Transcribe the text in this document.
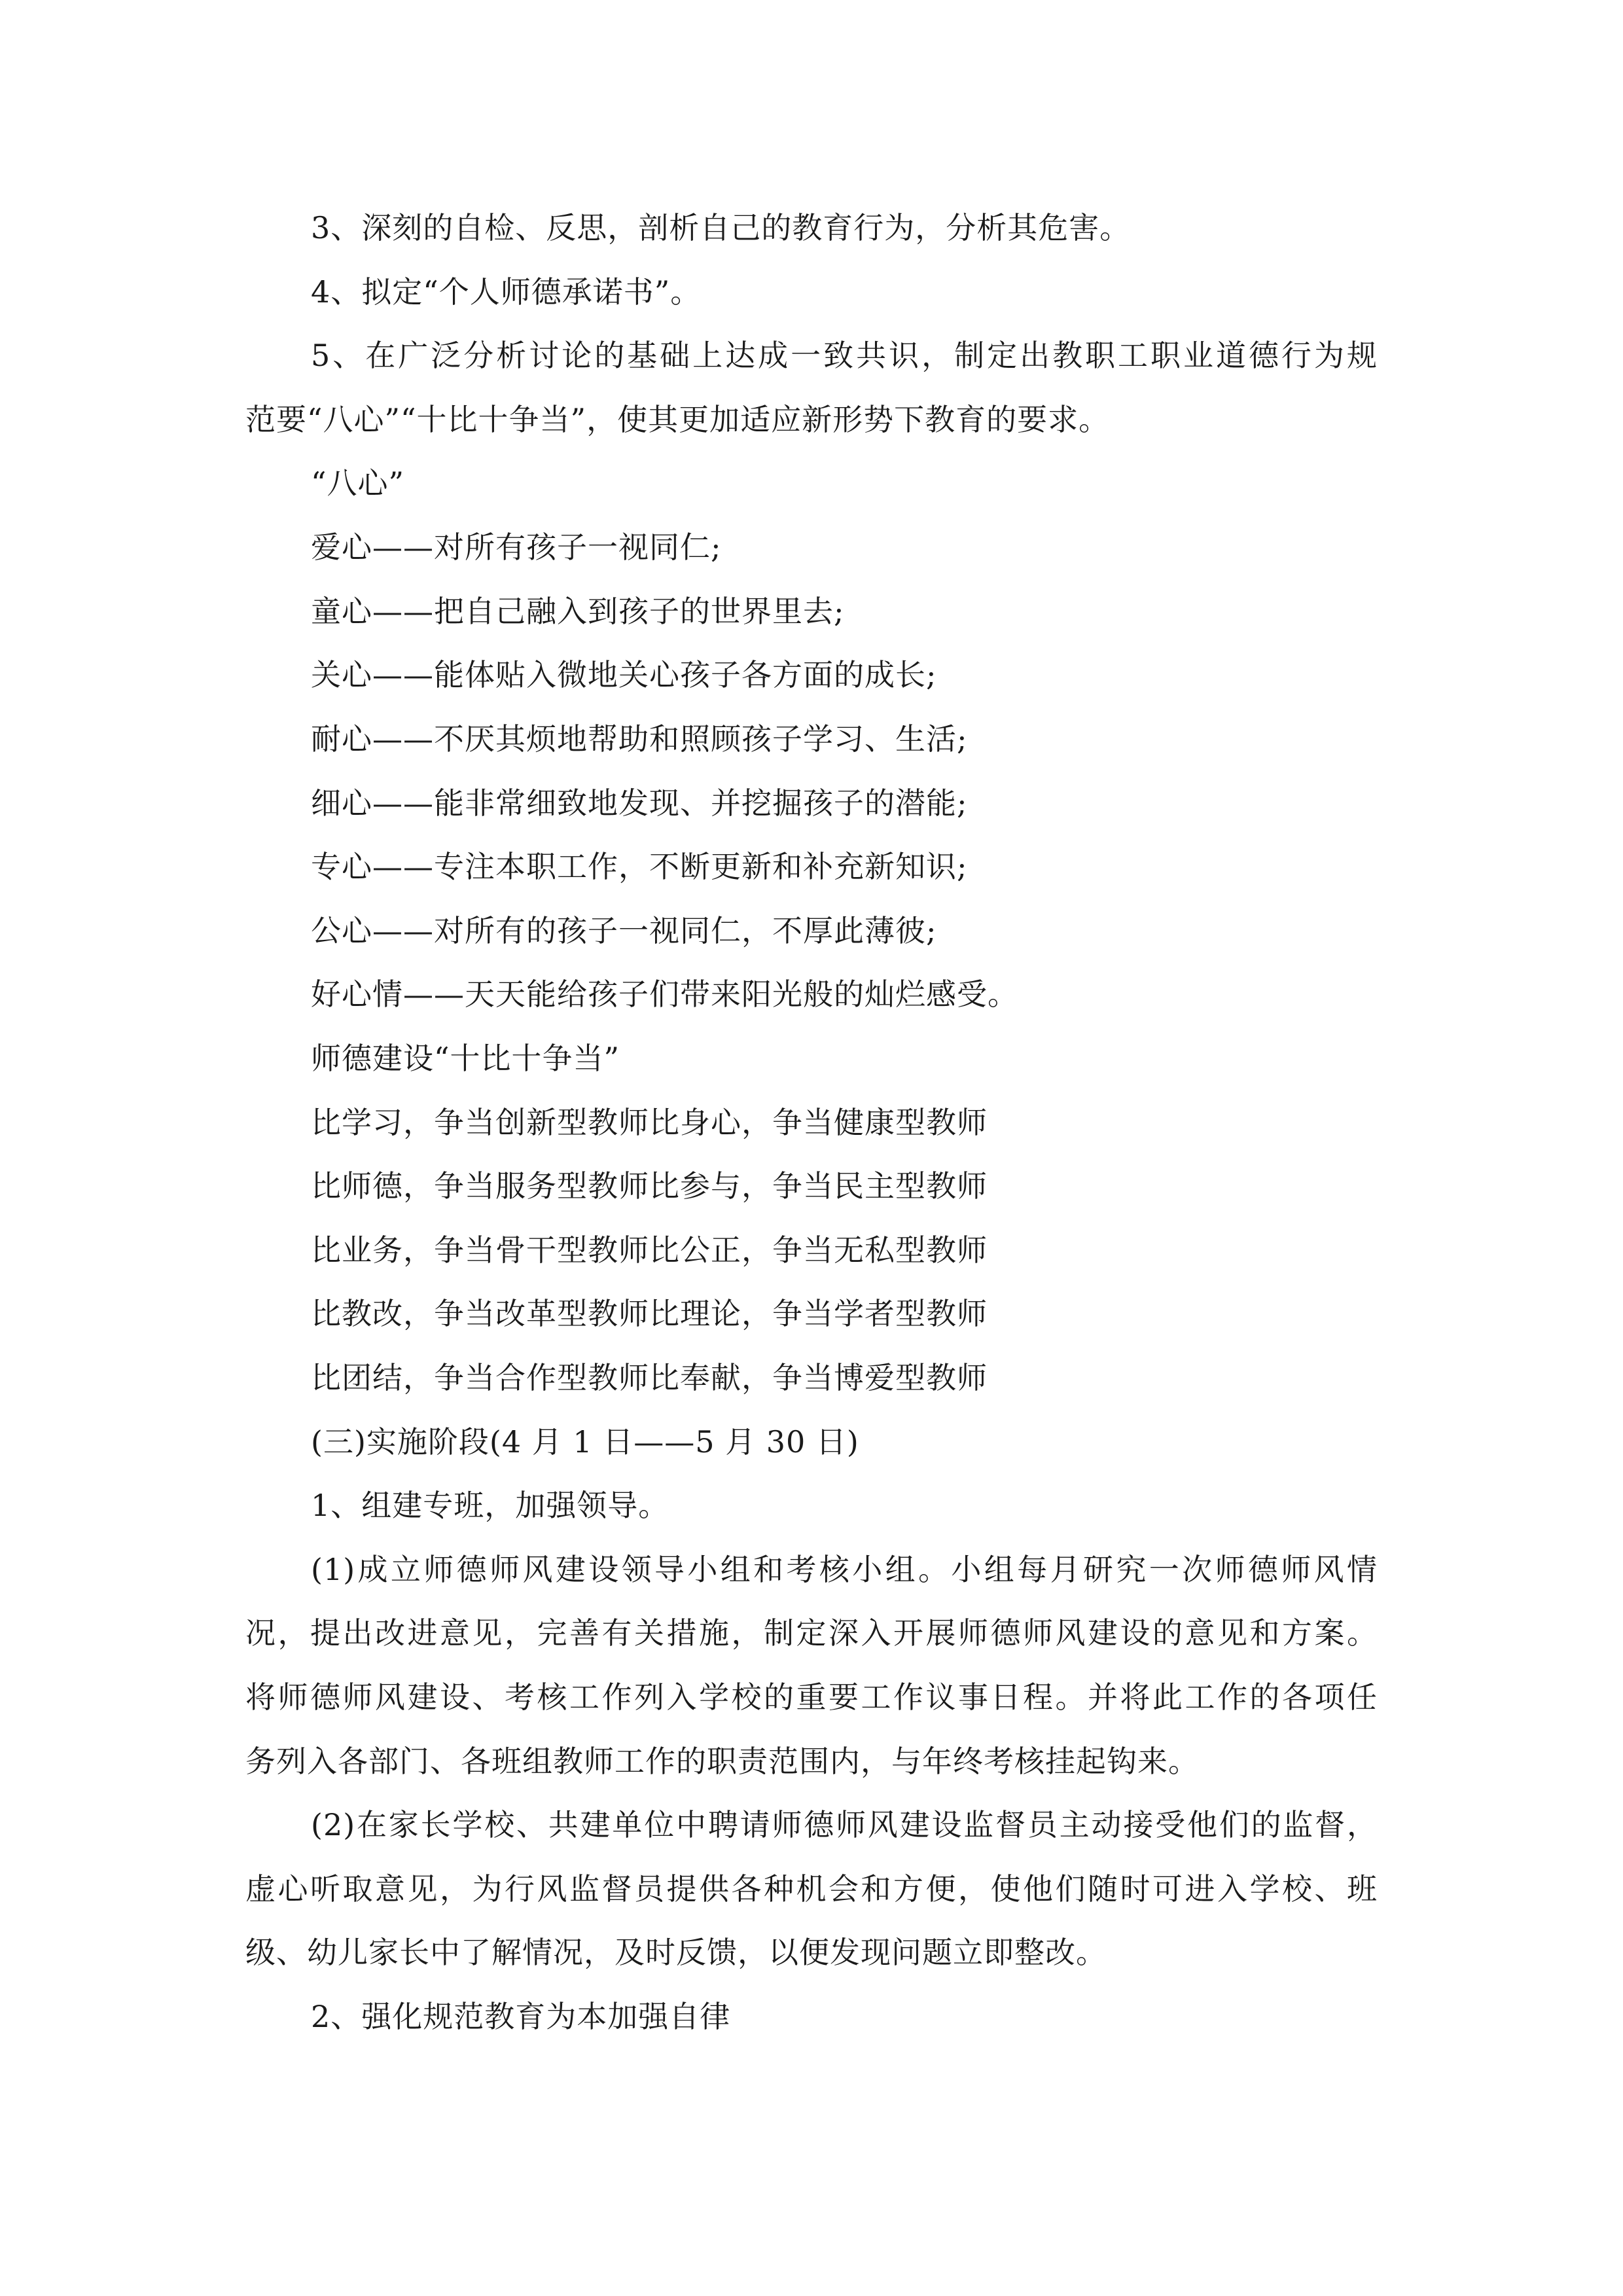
3、深刻的自检、反思，剖析自己的教育行为，分析其危害。
4、拟定“个人师德承诺书”。
5、在广泛分析讨论的基础上达成一致共识，制定出教职工职业道德行为规
范要“八心”“十比十争当”，使其更加适应新形势下教育的要求。
“八心”
爱心——对所有孩子一视同仁;
童心——把自己融入到孩子的世界里去;
关心——能体贴入微地关心孩子各方面的成长;
耐心——不厌其烦地帮助和照顾孩子学习、生活;
细心——能非常细致地发现、并挖掘孩子的潜能;
专心——专注本职工作，不断更新和补充新知识;
公心——对所有的孩子一视同仁，不厚此薄彼;
好心情——天天能给孩子们带来阳光般的灿烂感受。
师德建设“十比十争当”
比学习，争当创新型教师比身心，争当健康型教师
比师德，争当服务型教师比参与，争当民主型教师
比业务，争当骨干型教师比公正，争当无私型教师
比教改，争当改革型教师比理论，争当学者型教师
比团结，争当合作型教师比奉献，争当博爱型教师
(三)实施阶段(4 月 1 日——5 月 30 日)
1、组建专班，加强领导。
(1)成立师德师风建设领导小组和考核小组。小组每月研究一次师德师风情
况，提出改进意见，完善有关措施，制定深入开展师德师风建设的意见和方案。
将师德师风建设、考核工作列入学校的重要工作议事日程。并将此工作的各项任
务列入各部门、各班组教师工作的职责范围内，与年终考核挂起钩来。
(2)在家长学校、共建单位中聘请师德师风建设监督员主动接受他们的监督，
虚心听取意见，为行风监督员提供各种机会和方便，使他们随时可进入学校、班
级、幼儿家长中了解情况，及时反馈，以便发现问题立即整改。
2、强化规范教育为本加强自律
